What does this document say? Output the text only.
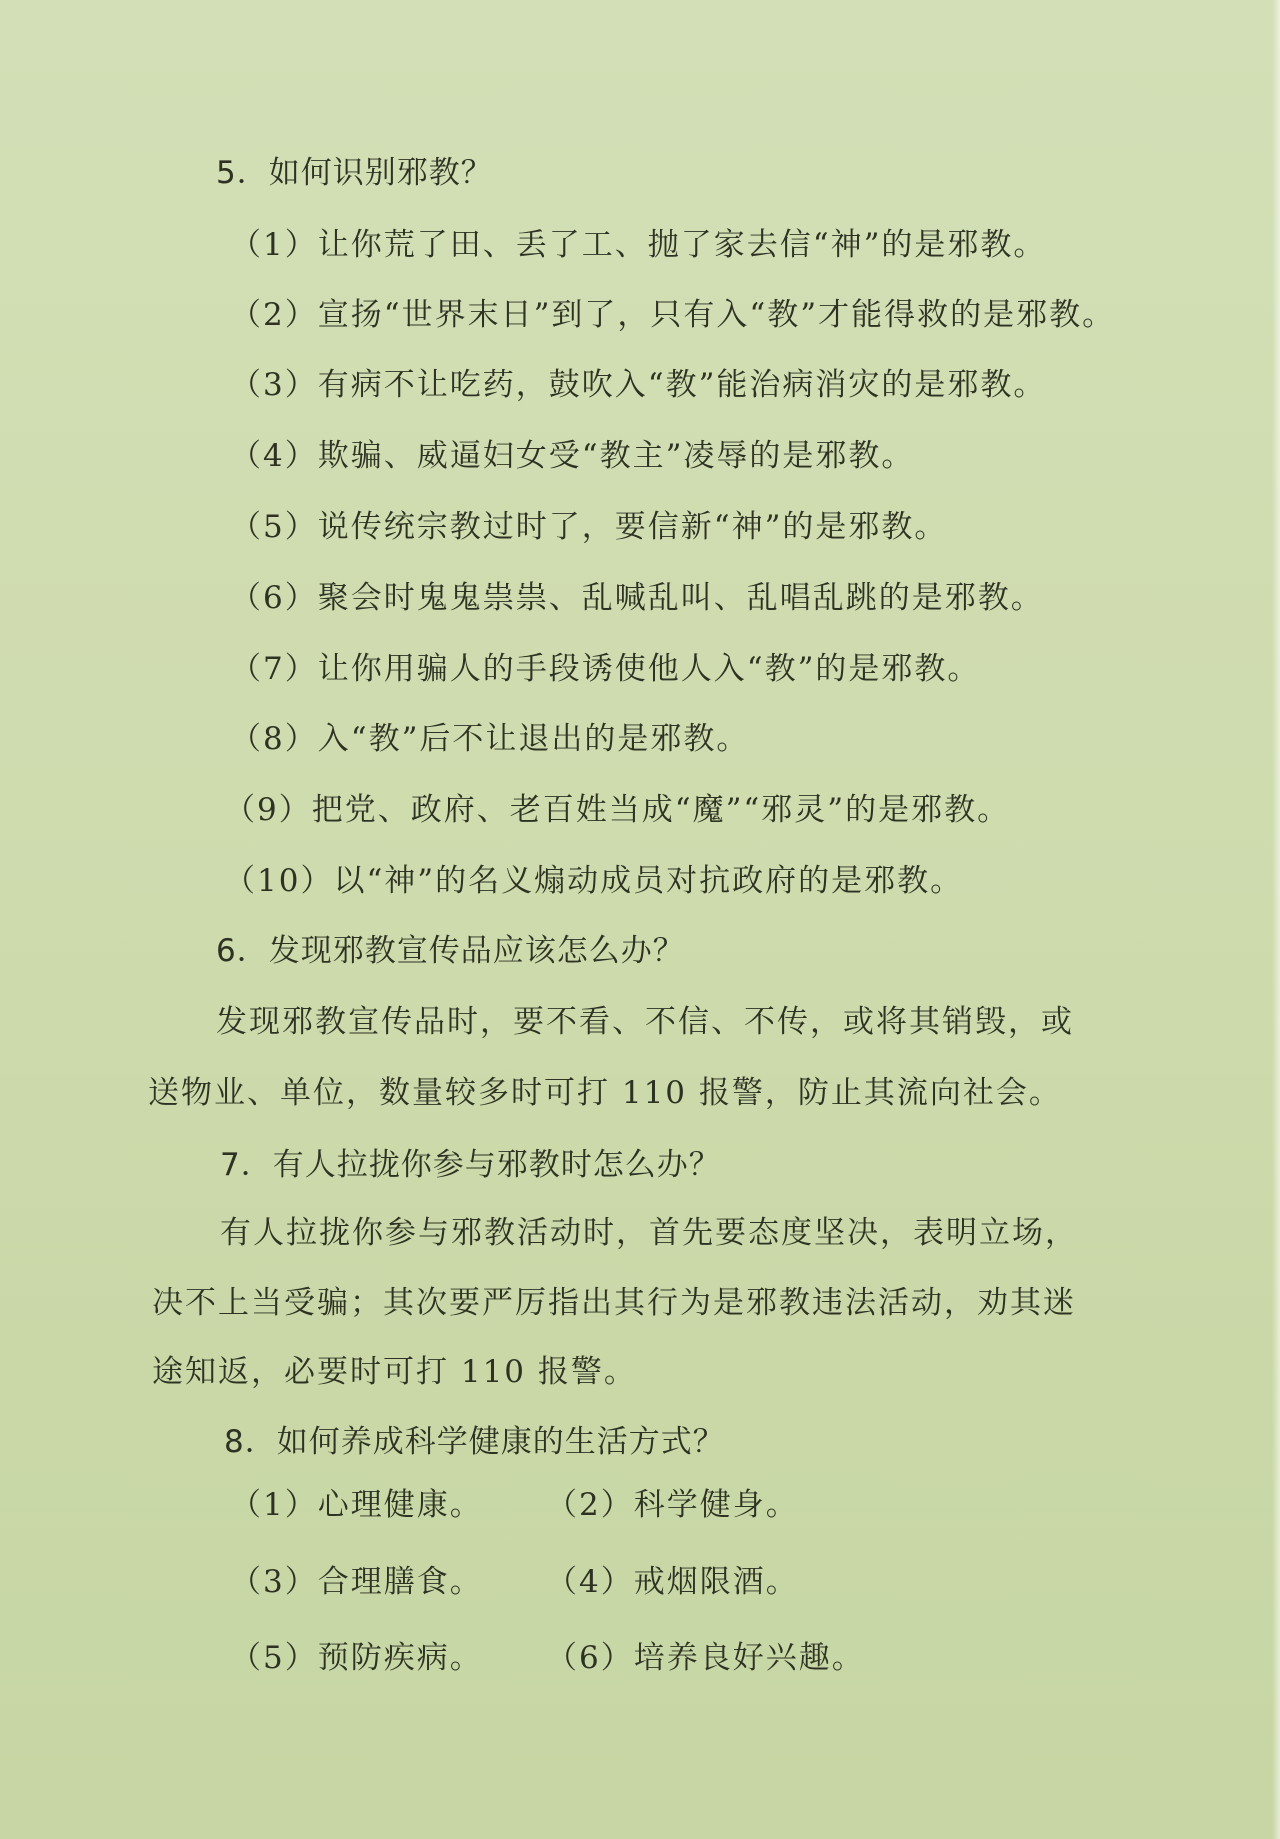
5．如何识别邪教？
（1）让你荒了田、丢了工、抛了家去信“神”的是邪教。
（2）宣扬“世界末日”到了，只有入“教”才能得救的是邪教。
（3）有病不让吃药，鼓吹入“教”能治病消灾的是邪教。
（4）欺骗、威逼妇女受“教主”凌辱的是邪教。
（5）说传统宗教过时了，要信新“神”的是邪教。
（6）聚会时鬼鬼祟祟、乱喊乱叫、乱唱乱跳的是邪教。
（7）让你用骗人的手段诱使他人入“教”的是邪教。
（8）入“教”后不让退出的是邪教。
（9）把党、政府、老百姓当成“魔”“邪灵”的是邪教。
（10）以“神”的名义煽动成员对抗政府的是邪教。
6．发现邪教宣传品应该怎么办？
发现邪教宣传品时，要不看、不信、不传，或将其销毁，或
送物业、单位，数量较多时可打 110 报警，防止其流向社会。
7．有人拉拢你参与邪教时怎么办？
有人拉拢你参与邪教活动时，首先要态度坚决，表明立场，
决不上当受骗；其次要严厉指出其行为是邪教违法活动，劝其迷
途知返，必要时可打 110 报警。
8．如何养成科学健康的生活方式？
（1）心理健康。 （2）科学健身。
（3）合理膳食。 （4）戒烟限酒。
（5）预防疾病。 （6）培养良好兴趣。
